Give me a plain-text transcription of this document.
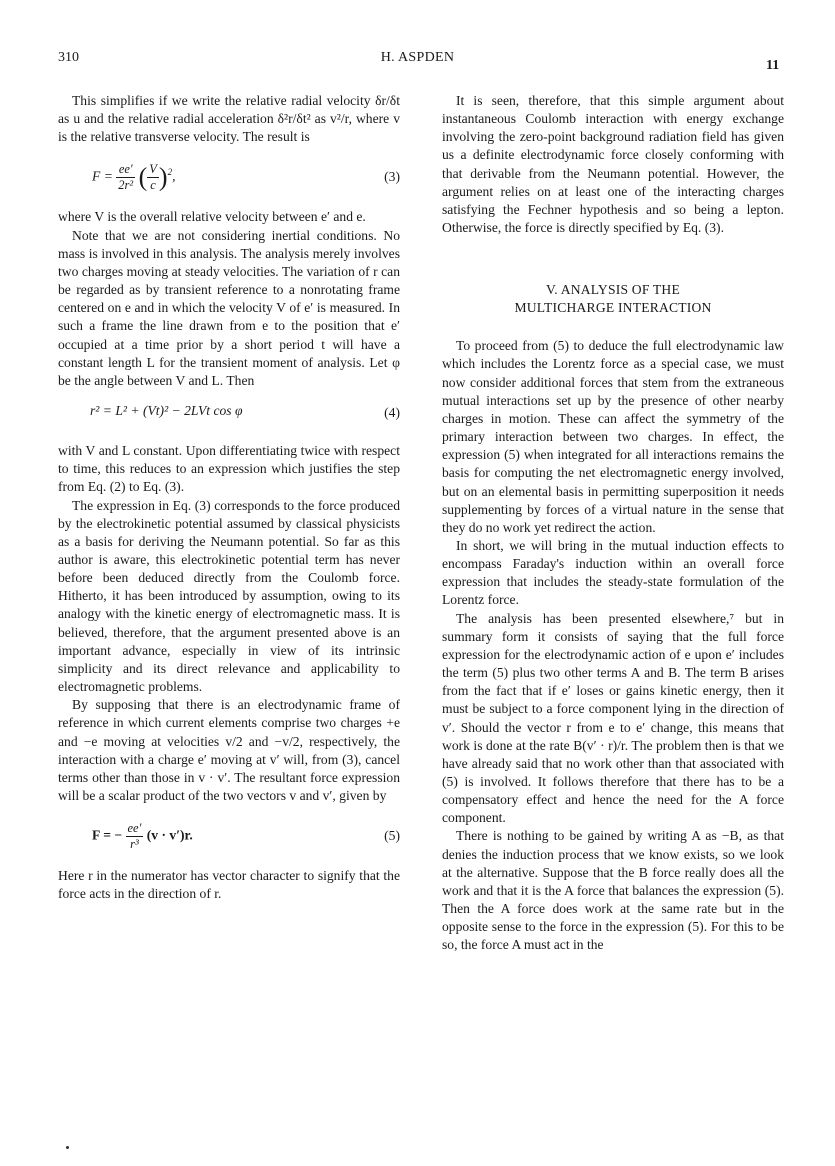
310	H. ASPDEN
11

This simplifies if we write the relative radial velocity δr/δt as u and the relative radial acceleration δ²r/δt² as v²/r, where v is the relative transverse velocity. The result is

$F = \frac{ee'}{\text{2r²}}$ ( $\frac{V}{c} )^2$,	(3)

where V is the overall relative velocity between e′ and e.

Note that we are not considering inertial conditions. No mass is involved in this analysis. The analysis merely involves two charges moving at steady velocities. The variation of r can be regarded as by transient reference to a nonrotating frame centered on e and in which the velocity V of e′ is measured. In such a frame the line drawn from e to the position that e′ occupied at a time prior by a short period t will have a constant length L for the transient moment of analysis. Let φ be the angle between V and L. Then

r² = L² + (Vt)² − 2LVt cos φ	(4)

with V and L constant. Upon differentiating twice with respect to time, this reduces to an expression which justifies the step from Eq. (2) to Eq. (3).

The expression in Eq. (3) corresponds to the force produced by the electrokinetic potential assumed by classical physicists as a basis for deriving the Neumann potential. So far as this author is aware, this electrokinetic potential term has never before been deduced directly from the Coulomb force. Hitherto, it has been introduced by assumption, owing to its analogy with the kinetic energy of electromagnetic mass. It is believed, therefore, that the argument presented above is an important advance, especially in view of its intrinsic simplicity and its direct relevance and applicability to electromagnetic problems.

By supposing that there is an electrodynamic frame of reference in which current elements comprise two charges +e and −e moving at velocities v/2 and −v/2, respectively, the interaction with a charge e′ moving at v′ will, from (3), cancel terms other than those in v · v′. The resultant force expression will be a scalar product of the two vectors v and v′, given by

F = − $\frac{ee'}{\text{r³}} (v \cdot v')r$.	(5)

Here r in the numerator has vector character to signify that the force acts in the direction of r.

It is seen, therefore, that this simple argument about instantaneous Coulomb interaction with energy exchange involving the zero-point background radiation field has given us a definite electrodynamic force closely conforming with that derivable from the Neumann potential. However, the argument relies on at least one of the interacting charges satisfying the Fechner hypothesis and so being a lepton. Otherwise, the force is directly specified by Eq. (3).

V. ANALYSIS OF THE
MULTICHARGE INTERACTION

To proceed from (5) to deduce the full electrodynamic law which includes the Lorentz force as a special case, we must now consider additional forces that stem from the extraneous mutual interactions set up by the presence of other nearby charges in motion. These can affect the symmetry of the primary interaction between two charges. In effect, the expression (5) when integrated for all interactions remains the basis for computing the net electromagnetic energy involved, but on an elemental basis in permitting superposition it needs supplementing by forces of a virtual nature in the sense that they do no work yet redirect the action.

In short, we will bring in the mutual induction effects to encompass Faraday's induction within an overall force expression that includes the steady-state formulation of the Lorentz force.

The analysis has been presented elsewhere,⁷ but in summary form it consists of saying that the full force expression for the electrodynamic action of e upon e′ includes the term (5) plus two other terms A and B. The term B arises from the fact that if e′ loses or gains kinetic energy, then it must be subject to a force component lying in the direction of v′. Should the vector r from e to e′ change, this means that work is done at the rate B(v′ · r)/r. The problem then is that we have already said that no work other than that associated with (5) is involved. It follows therefore that there has to be a compensatory effect and hence the need for the A force component.

There is nothing to be gained by writing A as −B, as that denies the induction process that we know exists, so we look at the alternative. Suppose that the B force really does all the work and that it is the A force that balances the expression (5). Then the A force does work at the same rate but in the opposite sense to the force in the expression (5). For this to be so, the force A must act in the
